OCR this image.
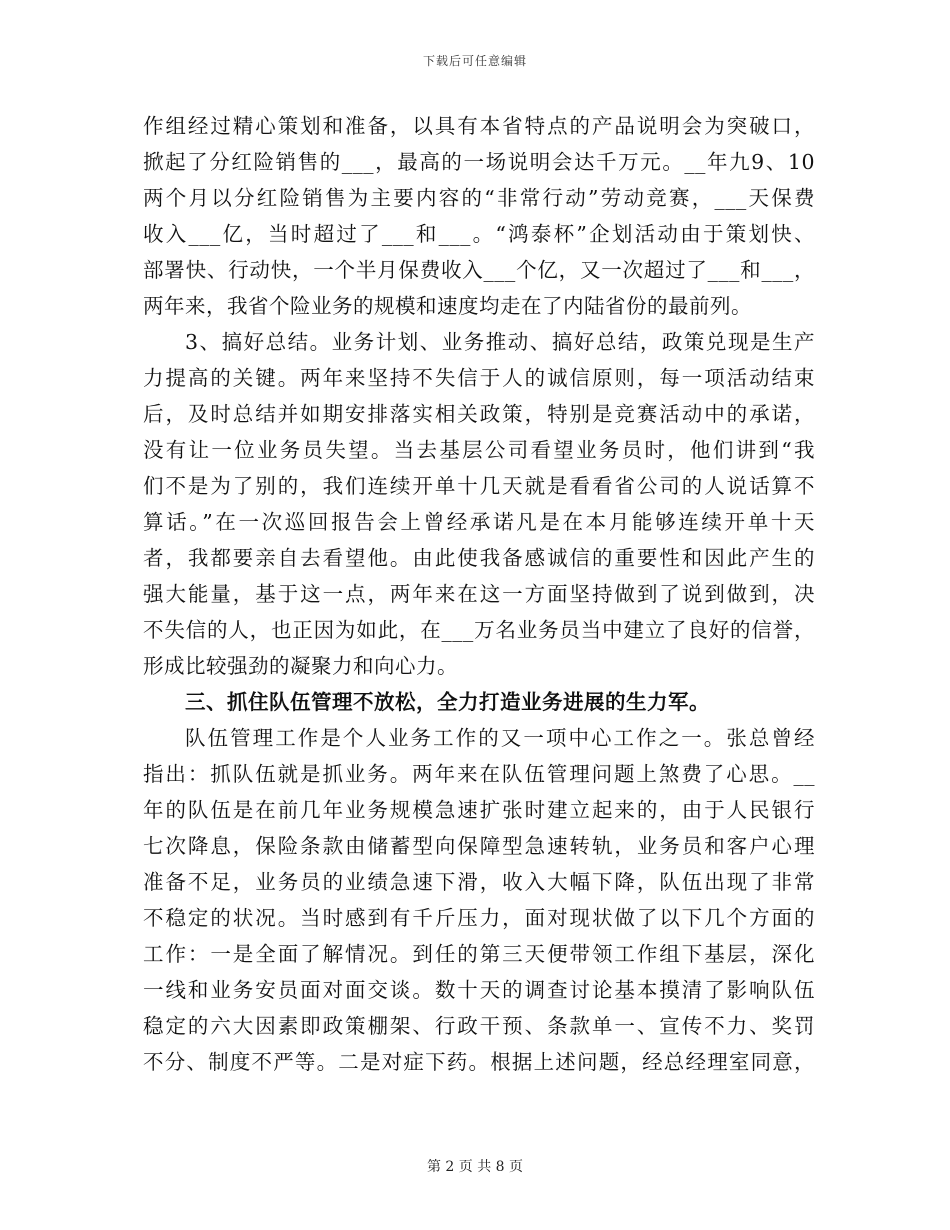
下载后可任意编辑
作组经过精心策划和准备，以具有本省特点的产品说明会为突破口，
掀起了分红险销售的___，最高的一场说明会达千万元。__年九9、10
两个月以分红险销售为主要内容的“非常行动”劳动竞赛，___天保费
收入___亿，当时超过了___和___。“鸿泰杯”企划活动由于策划快、
部署快、行动快，一个半月保费收入___个亿，又一次超过了___和___，
两年来，我省个险业务的规模和速度均走在了内陆省份的最前列。
3、搞好总结。业务计划、业务推动、搞好总结，政策兑现是生产
力提高的关键。两年来坚持不失信于人的诚信原则，每一项活动结束
后，及时总结并如期安排落实相关政策，特别是竞赛活动中的承诺，
没有让一位业务员失望。当去基层公司看望业务员时，他们讲到“我
们不是为了别的，我们连续开单十几天就是看看省公司的人说话算不
算话。”在一次巡回报告会上曾经承诺凡是在本月能够连续开单十天
者，我都要亲自去看望他。由此使我备感诚信的重要性和因此产生的
强大能量，基于这一点，两年来在这一方面坚持做到了说到做到，决
不失信的人，也正因为如此，在___万名业务员当中建立了良好的信誉，
形成比较强劲的凝聚力和向心力。
三、抓住队伍管理不放松，全力打造业务进展的生力军。
队伍管理工作是个人业务工作的又一项中心工作之一。张总曾经
指出：抓队伍就是抓业务。两年来在队伍管理问题上煞费了心思。__
年的队伍是在前几年业务规模急速扩张时建立起来的，由于人民银行
七次降息，保险条款由储蓄型向保障型急速转轨，业务员和客户心理
准备不足，业务员的业绩急速下滑，收入大幅下降，队伍出现了非常
不稳定的状况。当时感到有千斤压力，面对现状做了以下几个方面的
工作：一是全面了解情况。到任的第三天便带领工作组下基层，深化
一线和业务安员面对面交谈。数十天的调查讨论基本摸清了影响队伍
稳定的六大因素即政策棚架、行政干预、条款单一、宣传不力、奖罚
不分、制度不严等。二是对症下药。根据上述问题，经总经理室同意，
第 2 页 共 8 页
